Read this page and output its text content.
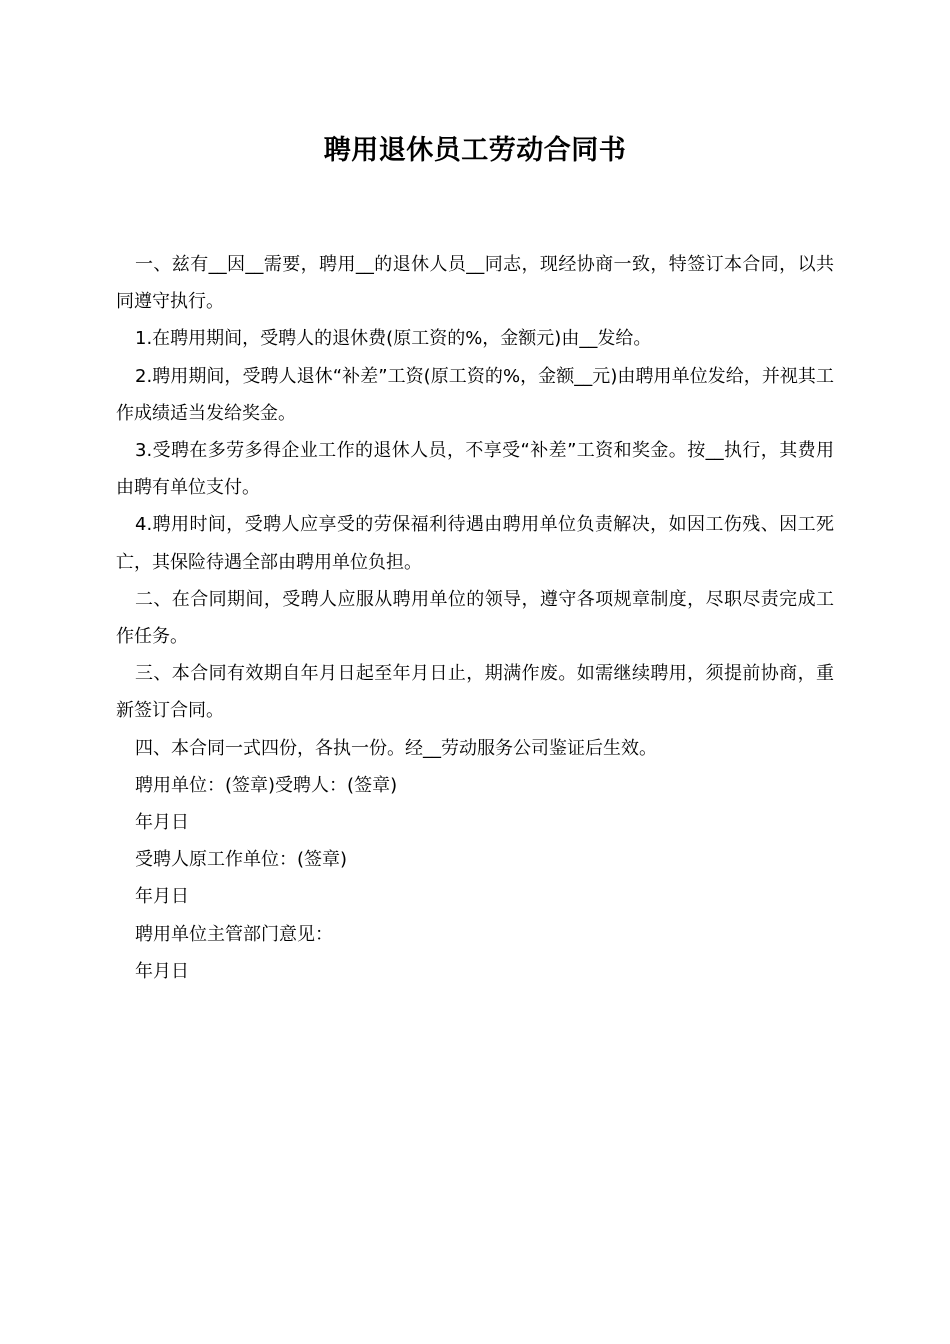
聘用退休员工劳动合同书

一、兹有__因__需要，聘用__的退休人员__同志，现经协商一致，特签订本合同，以共同遵守执行。

1.在聘用期间，受聘人的退休费(原工资的%，金额元)由__发给。

2.聘用期间，受聘人退休“补差”工资(原工资的%，金额__元)由聘用单位发给，并视其工作成绩适当发给奖金。

3.受聘在多劳多得企业工作的退休人员，不享受“补差”工资和奖金。按__执行，其费用由聘有单位支付。

4.聘用时间，受聘人应享受的劳保福利待遇由聘用单位负责解决，如因工伤残、因工死亡，其保险待遇全部由聘用单位负担。

二、在合同期间，受聘人应服从聘用单位的领导，遵守各项规章制度，尽职尽责完成工作任务。

三、本合同有效期自年月日起至年月日止，期满作废。如需继续聘用，须提前协商，重新签订合同。

四、本合同一式四份，各执一份。经__劳动服务公司鉴证后生效。

聘用单位：(签章)受聘人：(签章)

年月日

受聘人原工作单位：(签章)

年月日

聘用单位主管部门意见：

年月日
